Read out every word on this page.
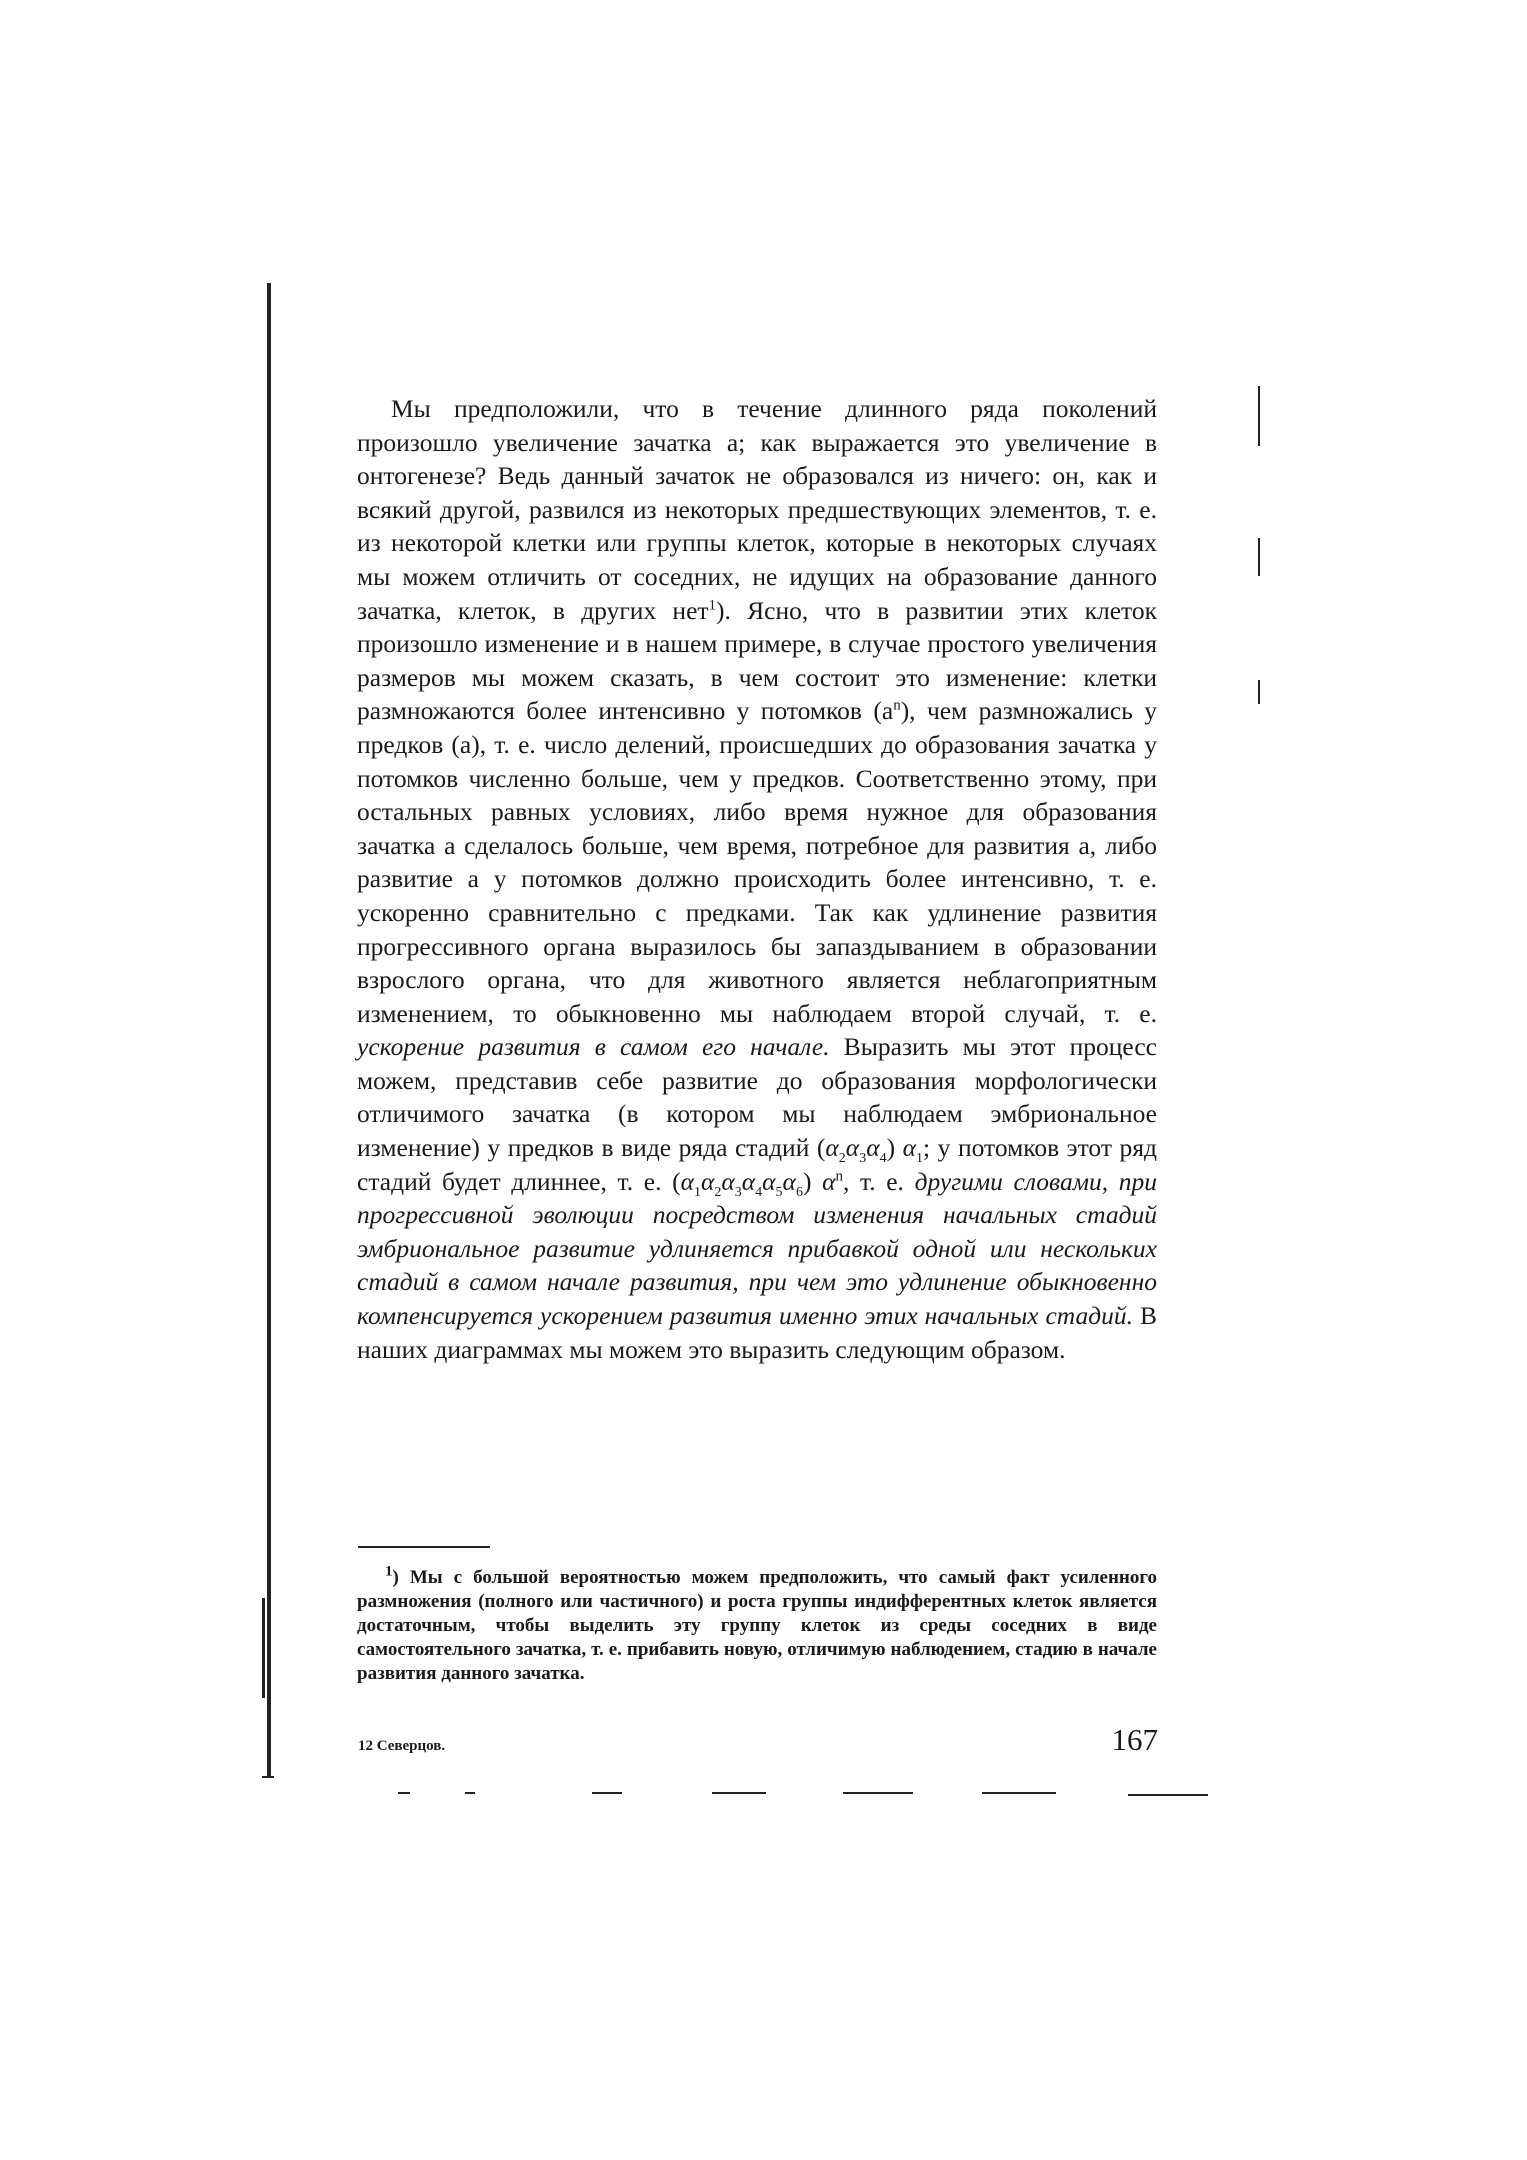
Мы предположили, что в течение длинного ряда поколений произошло увеличение зачатка а; как выражается это увеличение в онтогенезе? Ведь данный зачаток не образовался из ничего: он, как и всякий другой, развился из некоторых предшествующих элементов, т. е. из некоторой клетки или группы клеток, которые в некоторых случаях мы можем отличить от соседних, не идущих на образование данного зачатка, клеток, в других нет$^1$). Ясно, что в развитии этих клеток произошло изменение и в нашем примере, в случае простого увеличения размеров мы можем сказать, в чем состоит это изменение: клетки размножаются более интенсивно у потомков $(а^n)$, чем размножались у предков (а), т. е. число делений, происшедших до образования зачатка у потомков численно больше, чем у предков. Соответственно этому, при остальных равных условиях, либо время нужное для образования зачатка а сделалось больше, чем время, потребное для развития а, либо развитие а у потомков должно происходить более интенсивно, т. е. ускоренно сравнительно с предками. Так как удлинение развития прогрессивного органа выразилось бы запаздыванием в образовании взрослого органа, что для животного является неблагоприятным изменением, то обыкновенно мы наблюдаем второй случай, т. е. ускорение развития в самом его начале. Выразить мы этот процесс можем, представив себе развитие до образования морфологически отличимого зачатка (в котором мы наблюдаем эмбриональное изменение) у предков в виде ряда стадий $(\alpha_2\alpha_3\alpha_4)$ $\alpha_1$; у потомков этот ряд стадий будет длиннее, т. е. $(\alpha_1\alpha_2\alpha_3\alpha_4\alpha_5\alpha_6)$ $\alpha^n$, т. е. другими словами, при прогрессивной эволюции посредством изменения начальных стадий эмбриональное развитие удлиняется прибавкой одной или нескольких стадий в самом начале развития, при чем это удлинение обыкновенно компенсируется ускорением развития именно этих начальных стадий. В наших диаграммах мы можем это выразить следующим образом.

$^1$) Мы с большой вероятностью можем предположить, что самый факт усиленного размножения (полного или частичного) и роста группы индифферентных клеток является достаточным, чтобы выделить эту группу клеток из среды соседних в виде самостоятельного зачатка, т. е. прибавить новую, отличимую наблюдением, стадию в начале развития данного зачатка.

12 Северцов.	167
